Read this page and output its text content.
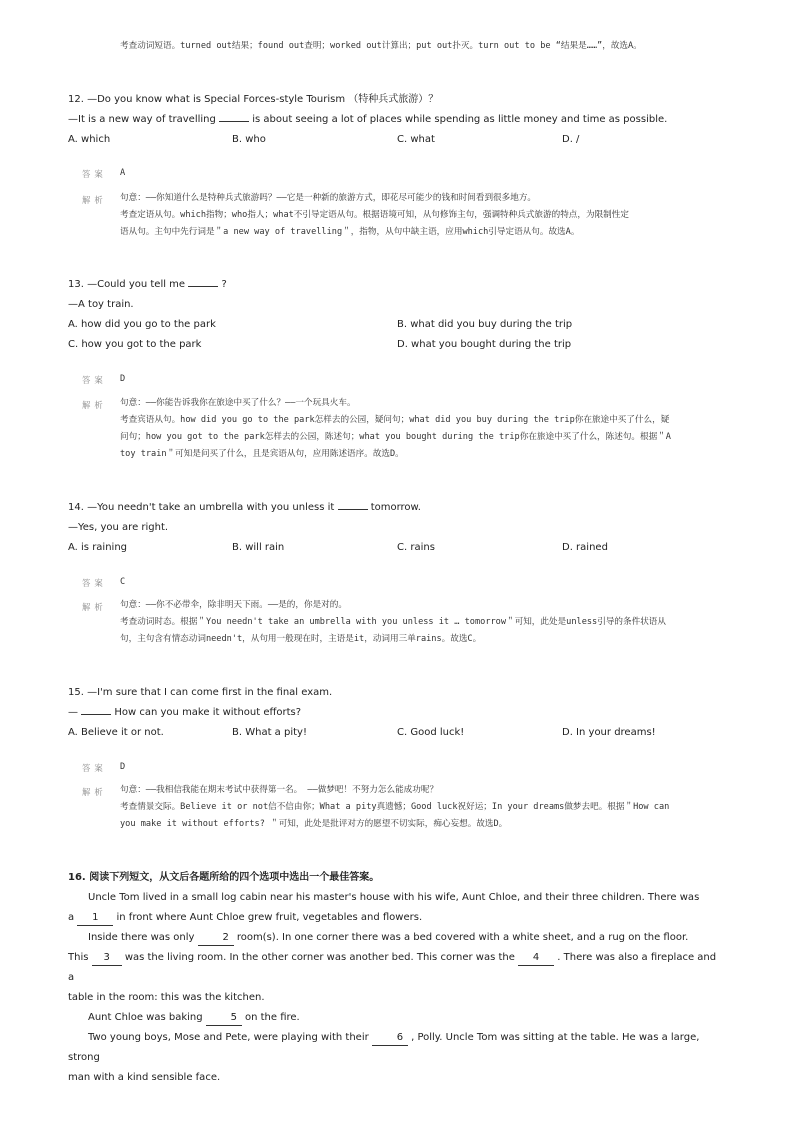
考查动词短语。turned out结果；found out查明；worked out计算出；put out扑灭。turn out to be “结果是……”，故选A。
12. —Do you know what is Special Forces-style Tourism （特种兵式旅游）？
—It is a new way of travelling	is about seeing a lot of places while spending as little money and time as possible.
A. which	B. who	C. what	D. /
答案 A
解析 句意：——你知道什么是特种兵式旅游吗？——它是一种新的旅游方式，即花尽可能少的钱和时间看到很多地方。
考查定语从句。which指物；who指人；what不引导定语从句。根据语境可知，从句修饰主句，强调特种兵式旅游的特点，为限制性定
语从句。主句中先行词是＂a new way of travelling＂，指物，从句中缺主语，应用which引导定语从句。故选A。
13. —Could you tell me	?
—A toy train.
A. how did you go to the park	B. what did you buy during the trip
C. how you got to the park	D. what you bought during the trip
答案 D
解析 句意：——你能告诉我你在旅途中买了什么？——一个玩具火车。
考查宾语从句。how did you go to the park怎样去的公园，疑问句；what did you buy during the trip你在旅途中买了什么，疑
问句；how you got to the park怎样去的公园，陈述句；what you bought during the trip你在旅途中买了什么，陈述句。根据＂A
toy train＂可知是问买了什么，且是宾语从句，应用陈述语序。故选D。
14. —You needn't take an umbrella with you unless it	tomorrow.
—Yes, you are right.
A. is raining	B. will rain	C. rains	D. rained
答案 C
解析 句意：——你不必带伞，除非明天下雨。——是的，你是对的。
考查动词时态。根据＂You needn't take an umbrella with you unless it … tomorrow＂可知，此处是unless引导的条件状语从
句，主句含有情态动词needn't，从句用一般现在时，主语是it，动词用三单rains。故选C。
15. —I'm sure that I can come first in the final exam.
—	How can you make it without efforts?
A. Believe it or not.	B. What a pity!	C. Good luck!	D. In your dreams!
答案 D
解析 句意：——我相信我能在期末考试中获得第一名。 ——做梦吧！不努力怎么能成功呢？
考查情景交际。Believe it or not信不信由你；What a pity真遗憾；Good luck祝好运；In your dreams做梦去吧。根据＂How can
you make it without efforts? ＂可知，此处是批评对方的愿望不切实际，痴心妄想。故选D。
16. 阅读下列短文，从文后各题所给的四个选项中选出一个最佳答案。
Uncle Tom lived in a small log cabin near his master's house with his wife, Aunt Chloe, and their three children. There was
a 1 in front where Aunt Chloe grew fruit, vegetables and flowers.
Inside there was only	2 room(s). In one corner there was a bed covered with a white sheet, and a rug on the floor.
This 3 was the living room. In the other corner was another bed. This corner was the 4 . There was also a fireplace and a
table in the room: this was the kitchen.
Aunt Chloe was baking	5 on the fire.
Two young boys, Mose and Pete, were playing with their	6 , Polly. Uncle Tom was sitting at the table. He was a large, strong
man with a kind sensible face.
